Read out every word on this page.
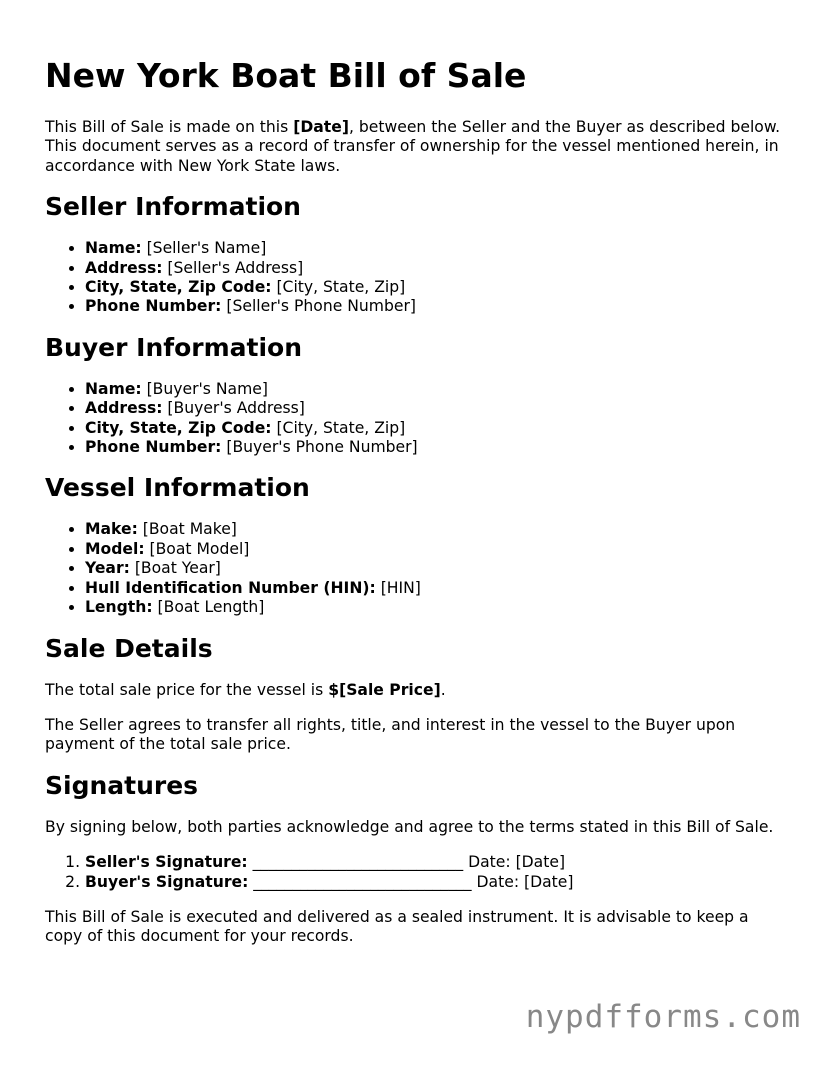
New York Boat Bill of Sale

This Bill of Sale is made on this [Date], between the Seller and the Buyer as described below. This document serves as a record of transfer of ownership for the vessel mentioned herein, in accordance with New York State laws.

Seller Information
• Name: [Seller's Name]
• Address: [Seller's Address]
• City, State, Zip Code: [City, State, Zip]
• Phone Number: [Seller's Phone Number]
Buyer Information
• Name: [Buyer's Name]
• Address: [Buyer's Address]
• City, State, Zip Code: [City, State, Zip]
• Phone Number: [Buyer's Phone Number]
Vessel Information
• Make: [Boat Make]
• Model: [Boat Model]
• Year: [Boat Year]
• Hull Identification Number (HIN): [HIN]
• Length: [Boat Length]
Sale Details

The total sale price for the vessel is $[Sale Price].

The Seller agrees to transfer all rights, title, and interest in the vessel to the Buyer upon payment of the total sale price.

Signatures

By signing below, both parties acknowledge and agree to the terms stated in this Bill of Sale.

1. Seller's Signature: ___________________________ Date: [Date]
2. Buyer's Signature: ____________________________ Date: [Date]

This Bill of Sale is executed and delivered as a sealed instrument. It is advisable to keep a copy of this document for your records.

nypdfforms.com
